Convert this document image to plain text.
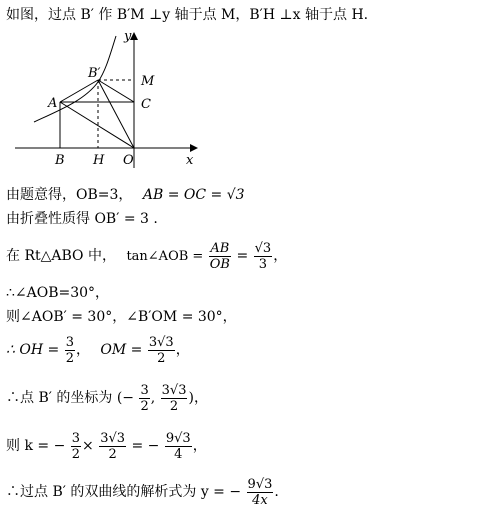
如图，过点 B′ 作 B′M ⊥y 轴于点 M，B′H ⊥x 轴于点 H.
y
x
B′
M
A	C
B H O
由题意得，OB=3， AB = OC = √3
由折叠性质得 OB′ = 3 .
在 Rt△ABO 中， tan∠AOB = $\frac{AB}{OB} = \frac{√3}{3}$ ，
∴∠AOB=30°，
则∠AOB′ = 30°，∠B′OM = 30°，
∴ OH = $\frac{3}{2}$ ， OM = $\frac{3√3}{2}$ ，
∴点 B′ 的坐标为 (− $\frac{3}{2}$ , $\frac{3√3}{2}$ )，
则 k = − $\frac{3}{2} \times \frac{3√3}{2}$ = − $\frac{9√3}{4}$ ，
∴过点 B′ 的双曲线的解析式为 y = − $\frac{9√3}{4x}$ .
